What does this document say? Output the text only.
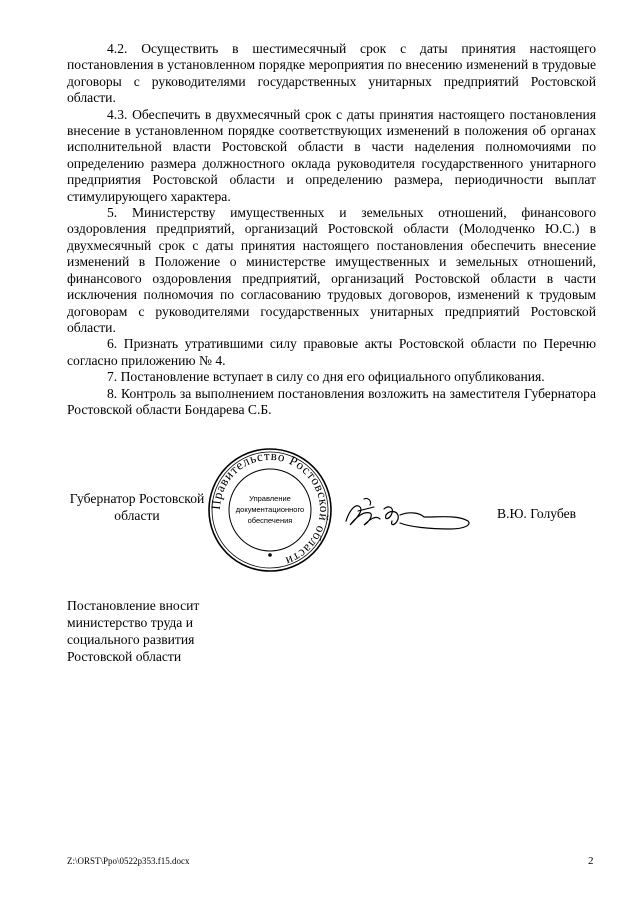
4.2. Осуществить в шестимесячный срок с даты принятия настоящего постановления в установленном порядке мероприятия по внесению изменений в трудовые договоры с руководителями государственных унитарных предприятий Ростовской области.

4.3. Обеспечить в двухмесячный срок с даты принятия настоящего постановления внесение в установленном порядке соответствующих изменений в положения об органах исполнительной власти Ростовской области в части наделения полномочиями по определению размера должностного оклада руководителя государственного унитарного предприятия Ростовской области и определению размера, периодичности выплат стимулирующего характера.

5. Министерству имущественных и земельных отношений, финансового оздоровления предприятий, организаций Ростовской области (Молодченко Ю.С.) в двухмесячный срок с даты принятия настоящего постановления обеспечить внесение изменений в Положение о министерстве имущественных и земельных отношений, финансового оздоровления предприятий, организаций Ростовской области в части исключения полномочия по согласованию трудовых договоров, изменений к трудовым договорам с руководителями государственных унитарных предприятий Ростовской области.

6. Признать утратившими силу правовые акты Ростовской области по Перечню согласно приложению № 4.

7. Постановление вступает в силу со дня его официального опубликования.

8. Контроль за выполнением постановления возложить на заместителя Губернатора Ростовской области Бондарева С.Б.

Губернатор Ростовской области
Правительство Ростовской области
Управление
документационного
обеспечения	В.Ю. Голубев
Постановление вносит министерство труда и социального развития Ростовской области
Z:\ORST\Ppo\0522p353.f15.docx	2
